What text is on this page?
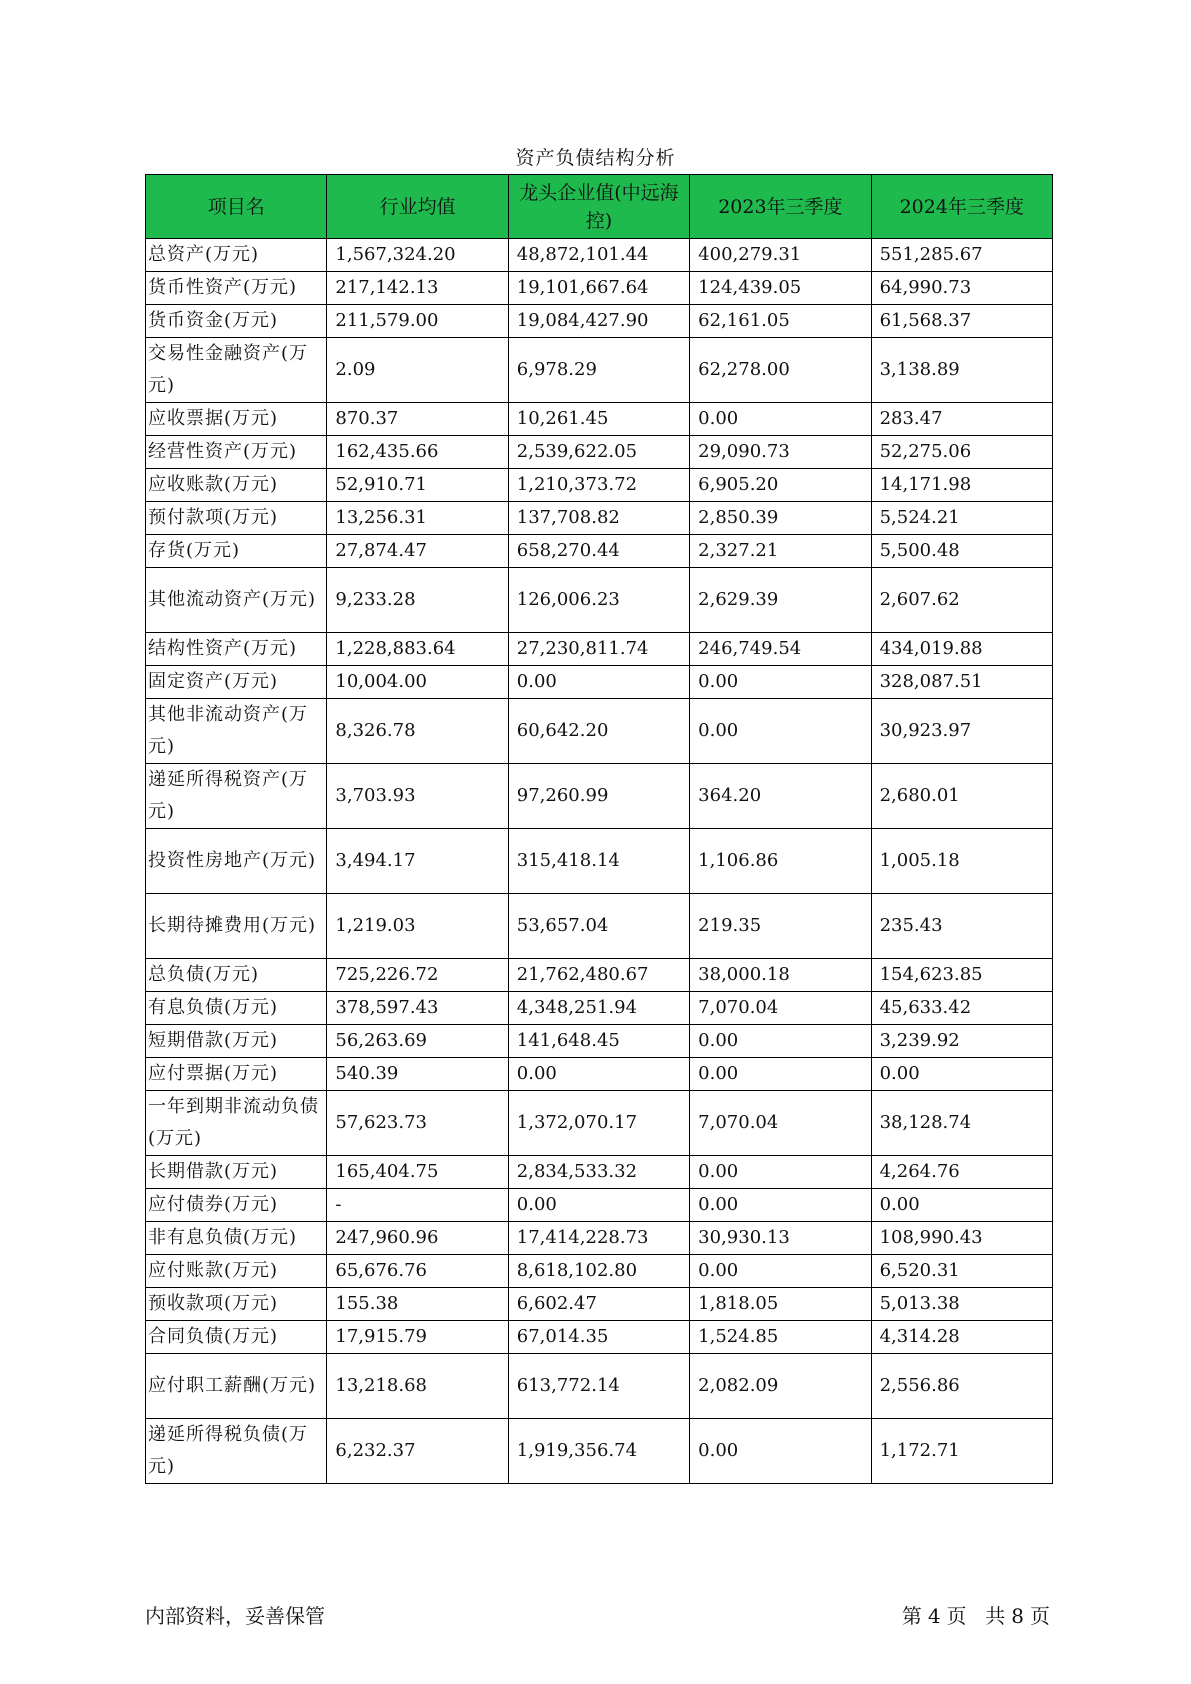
资产负债结构分析
项目名	行业均值	龙头企业值(中远海控)	2023年三季度	2024年三季度
总资产(万元)	1,567,324.20	48,872,101.44	400,279.31	551,285.67
货币性资产(万元)	217,142.13	19,101,667.64	124,439.05	64,990.73
货币资金(万元)	211,579.00	19,084,427.90	62,161.05	61,568.37
交易性金融资产(万元)	2.09	6,978.29	62,278.00	3,138.89
应收票据(万元)	870.37	10,261.45	0.00	283.47
经营性资产(万元)	162,435.66	2,539,622.05	29,090.73	52,275.06
应收账款(万元)	52,910.71	1,210,373.72	6,905.20	14,171.98
预付款项(万元)	13,256.31	137,708.82	2,850.39	5,524.21
存货(万元)	27,874.47	658,270.44	2,327.21	5,500.48
其他流动资产(万元)	9,233.28	126,006.23	2,629.39	2,607.62
结构性资产(万元)	1,228,883.64	27,230,811.74	246,749.54	434,019.88
固定资产(万元)	10,004.00	0.00	0.00	328,087.51
其他非流动资产(万元)	8,326.78	60,642.20	0.00	30,923.97
递延所得税资产(万元)	3,703.93	97,260.99	364.20	2,680.01
投资性房地产(万元)	3,494.17	315,418.14	1,106.86	1,005.18
长期待摊费用(万元)	1,219.03	53,657.04	219.35	235.43
总负债(万元)	725,226.72	21,762,480.67	38,000.18	154,623.85
有息负债(万元)	378,597.43	4,348,251.94	7,070.04	45,633.42
短期借款(万元)	56,263.69	141,648.45	0.00	3,239.92
应付票据(万元)	540.39	0.00	0.00	0.00
一年到期非流动负债(万元)	57,623.73	1,372,070.17	7,070.04	38,128.74
长期借款(万元)	165,404.75	2,834,533.32	0.00	4,264.76
应付债券(万元)	-	0.00	0.00	0.00
非有息负债(万元)	247,960.96	17,414,228.73	30,930.13	108,990.43
应付账款(万元)	65,676.76	8,618,102.80	0.00	6,520.31
预收款项(万元)	155.38	6,602.47	1,818.05	5,013.38
合同负债(万元)	17,915.79	67,014.35	1,524.85	4,314.28
应付职工薪酬(万元)	13,218.68	613,772.14	2,082.09	2,556.86
递延所得税负债(万元)	6,232.37	1,919,356.74	0.00	1,172.71
内部资料，妥善保管	第 4 页 共 8 页
